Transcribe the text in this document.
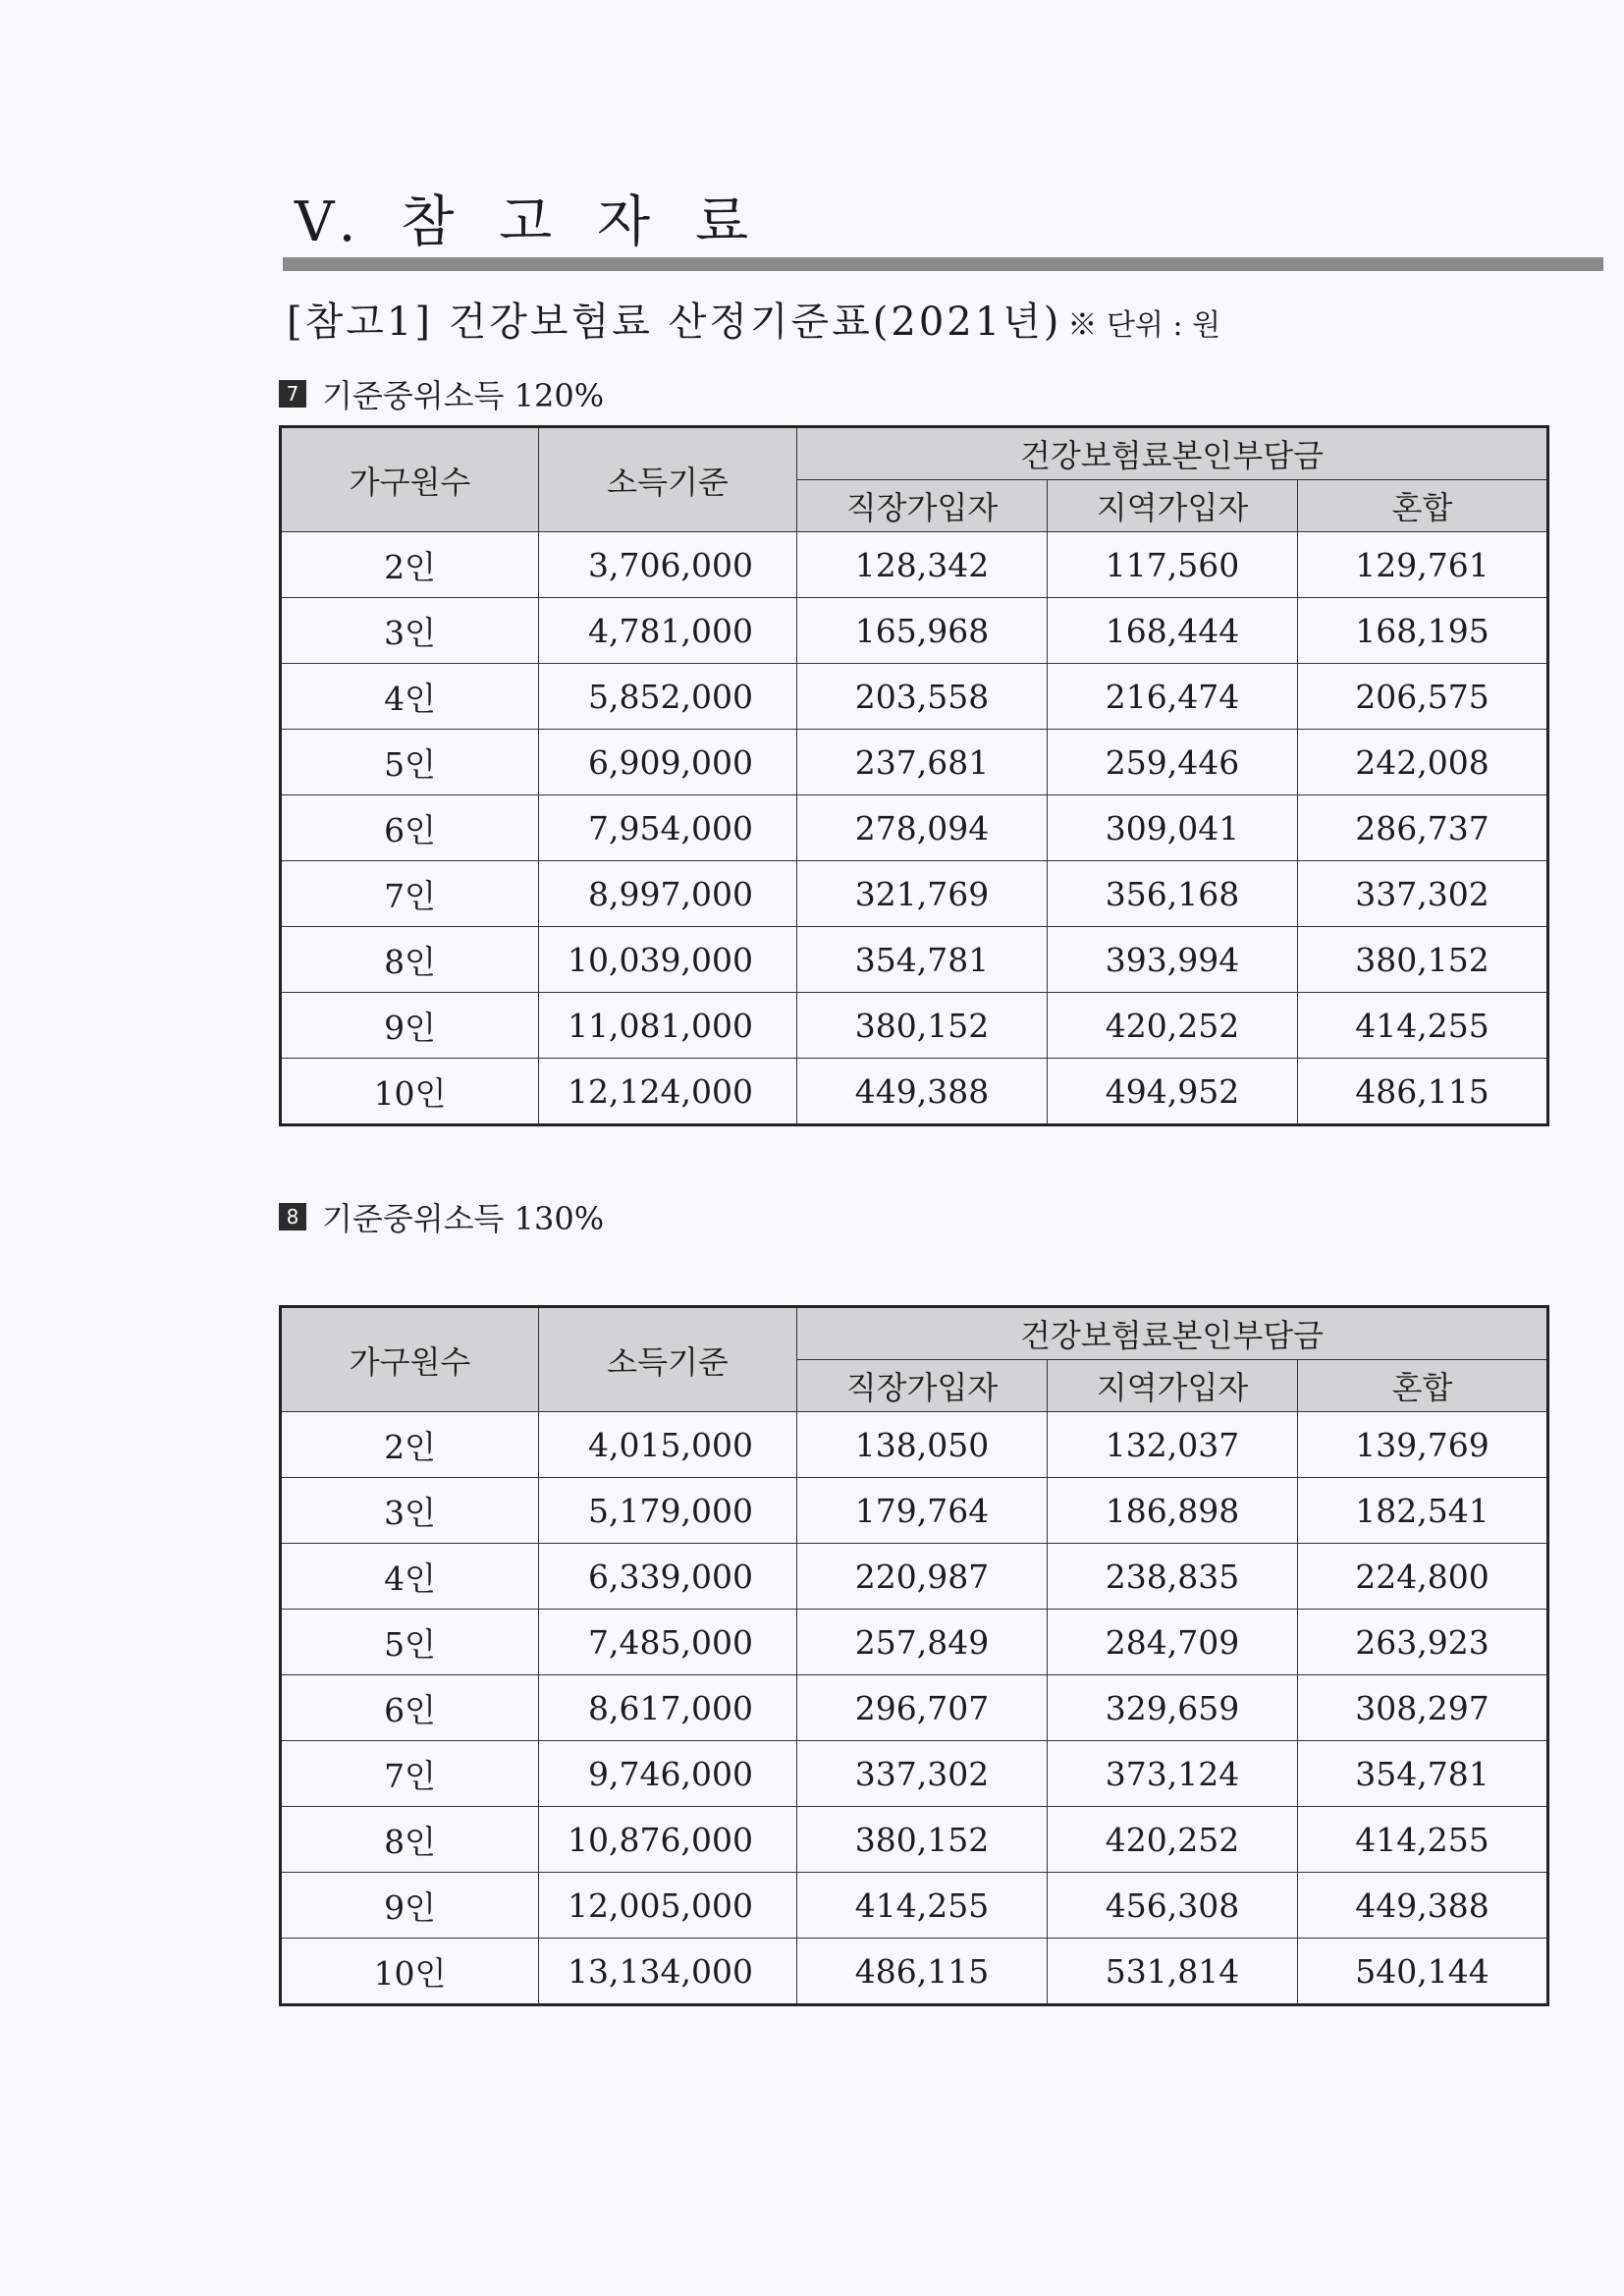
V. 참 고 자 료
[참고1] 건강보험료 산정기준표(2021년) ※ 단위 : 원
7 기준중위소득 120%
가구원수	소득기준	건강보험료본인부담금		
		직장가입자	지역가입자	혼합
2인	3,706,000	128,342	117,560	129,761
3인	4,781,000	165,968	168,444	168,195
4인	5,852,000	203,558	216,474	206,575
5인	6,909,000	237,681	259,446	242,008
6인	7,954,000	278,094	309,041	286,737
7인	8,997,000	321,769	356,168	337,302
8인	10,039,000	354,781	393,994	380,152
9인	11,081,000	380,152	420,252	414,255
10인	12,124,000	449,388	494,952	486,115
8 기준중위소득 130%
가구원수	소득기준	건강보험료본인부담금		
		직장가입자	지역가입자	혼합
2인	4,015,000	138,050	132,037	139,769
3인	5,179,000	179,764	186,898	182,541
4인	6,339,000	220,987	238,835	224,800
5인	7,485,000	257,849	284,709	263,923
6인	8,617,000	296,707	329,659	308,297
7인	9,746,000	337,302	373,124	354,781
8인	10,876,000	380,152	420,252	414,255
9인	12,005,000	414,255	456,308	449,388
10인	13,134,000	486,115	531,814	540,144
